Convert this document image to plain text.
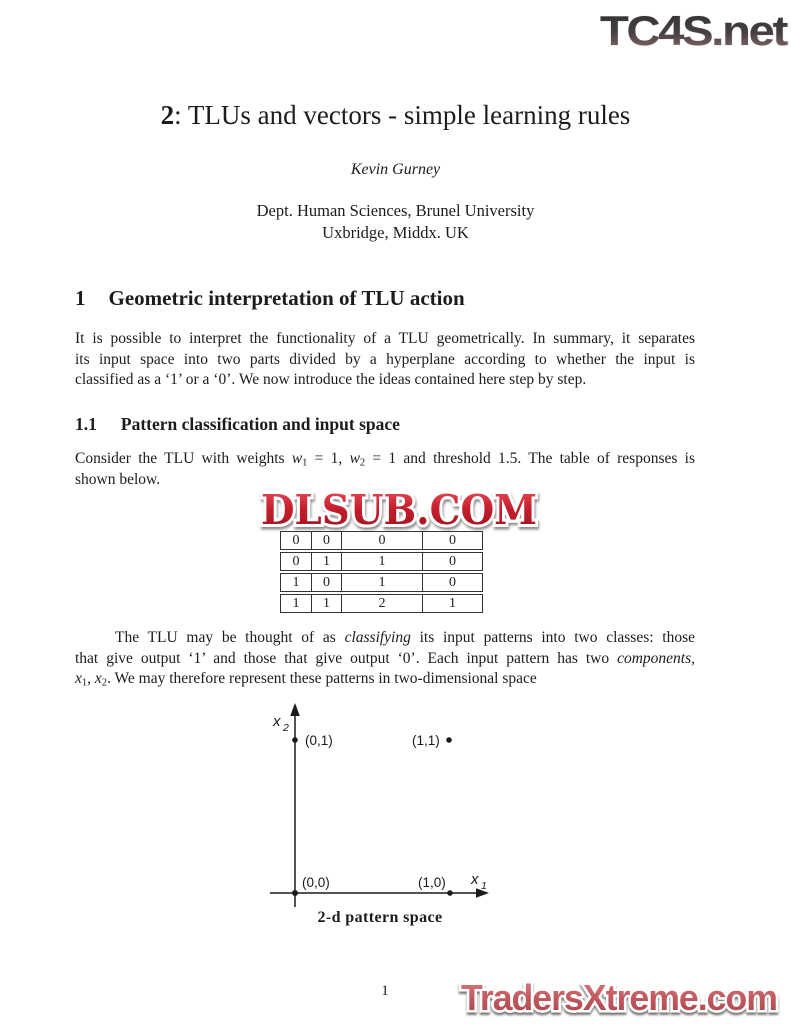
TC4S.net
2: TLUs and vectors - simple learning rules
Kevin Gurney
Dept. Human Sciences, Brunel University
Uxbridge, Middx. UK
1 Geometric interpretation of TLU action
It is possible to interpret the functionality of a TLU geometrically. In summary, it separates
its input space into two parts divided by a hyperplane according to whether the input is
classified as a ‘1’ or a ‘0’. We now introduce the ideas contained here step by step.
1.1 Pattern classification and input space
Consider the TLU with weights $w_1 = 1$, $w_2 = 1$ and threshold 1.5. The table of responses is
shown below.
0	0	0	0
0	1	1	0
1	0	1	0
1	1	2	1
DLSUB.COM
The TLU may be thought of as classifying its input patterns into two classes: those
that give output ‘1’ and those that give output ‘0’. Each input pattern has two components,
$x_1$, $x_2$. We may therefore represent these patterns in two-dimensional space
(0,1)	(1,1)
(0,0)	(1,0)
x 2
x 1
2-d pattern space
1	TradersXtreme.com
